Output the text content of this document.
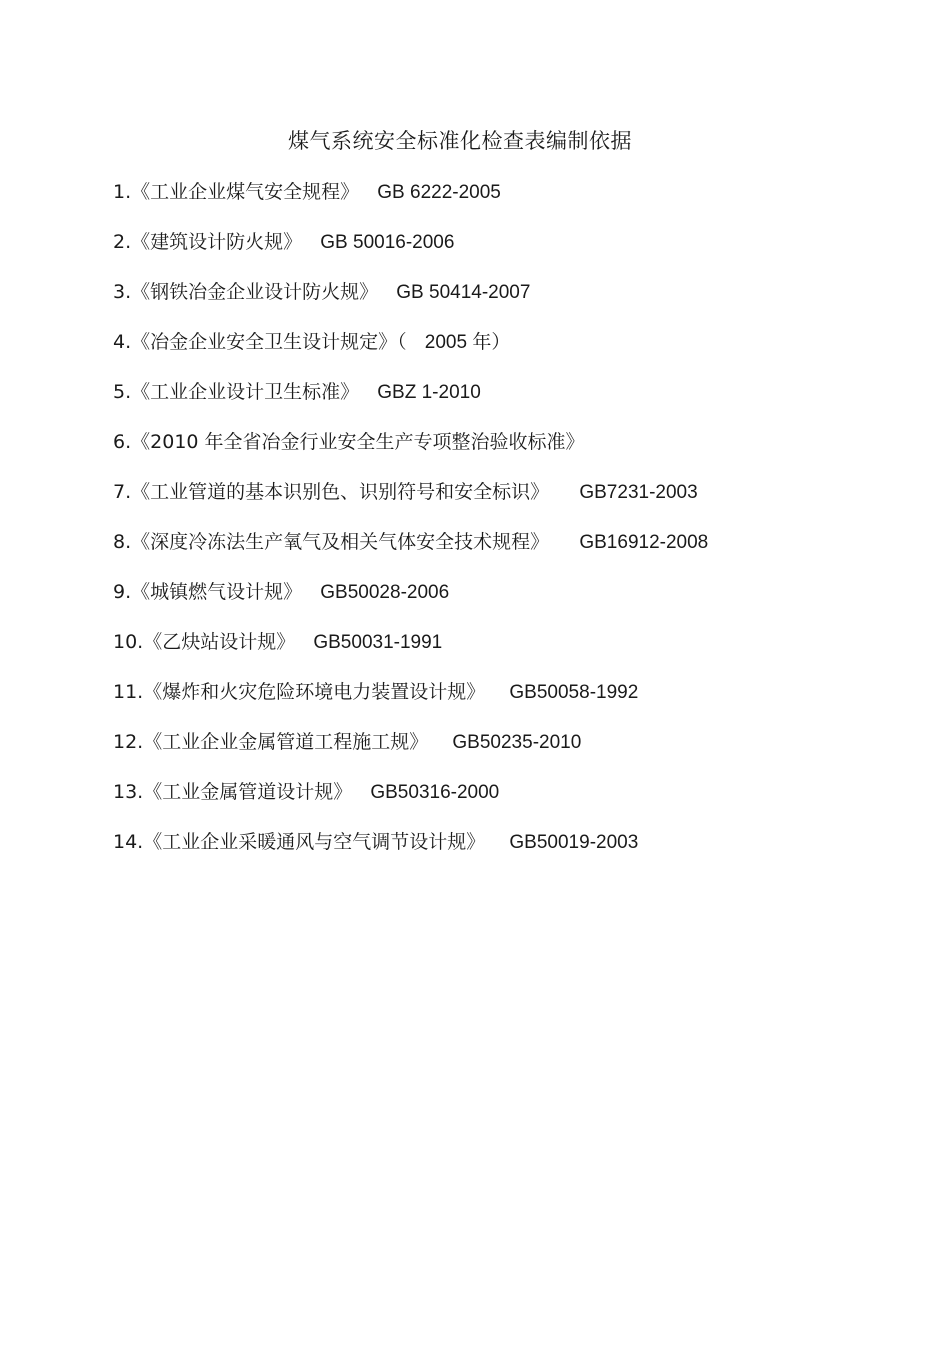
煤气系统安全标准化检查表编制依据
1.《工业企业煤气安全规程》 GB 6222-2005
2.《建筑设计防火规》 GB 50016-2006
3.《钢铁冶金企业设计防火规》 GB 50414-2007
4.《冶金企业安全卫生设计规定》（ 2005 年）
5.《工业企业设计卫生标准》 GBZ 1-2010
6.《2010 年全省冶金行业安全生产专项整治验收标准》
7.《工业管道的基本识别色、识别符号和安全标识》 GB7231-2003
8.《深度冷冻法生产氧气及相关气体安全技术规程》 GB16912-2008
9.《城镇燃气设计规》 GB50028-2006
10.《乙炔站设计规》 GB50031-1991
11.《爆炸和火灾危险环境电力装置设计规》 GB50058-1992
12.《工业企业金属管道工程施工规》 GB50235-2010
13.《工业金属管道设计规》 GB50316-2000
14.《工业企业采暖通风与空气调节设计规》 GB50019-2003
